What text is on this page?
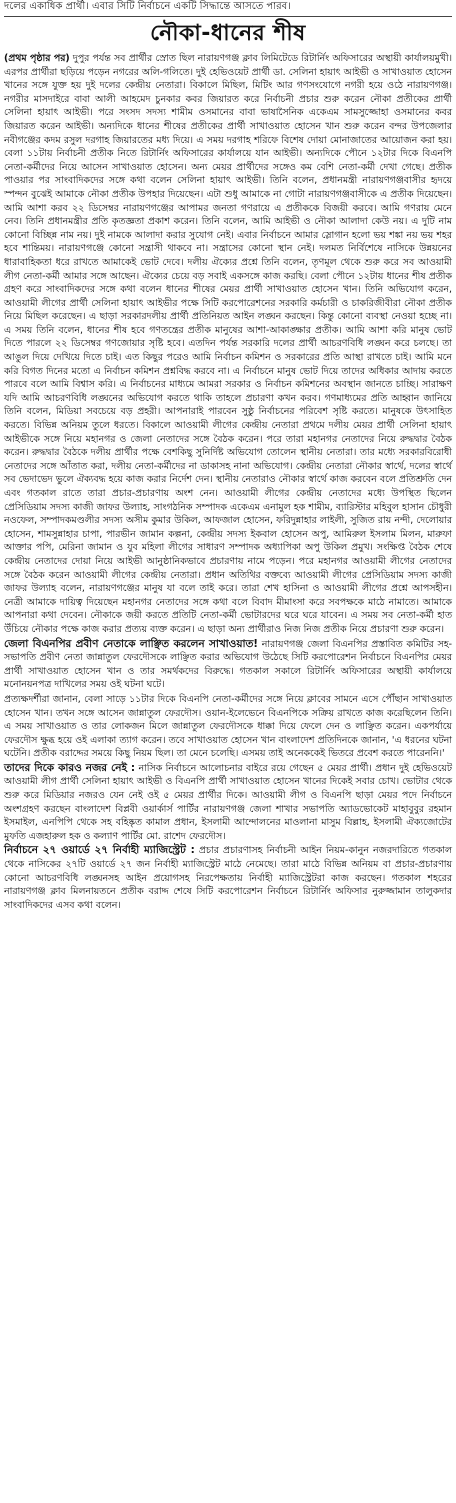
দলের একাধিক প্রার্থী। এবার সিটি নির্বাচনে একটি সিদ্ধান্তে আসতে পারব।
নৌকা-ধানের শীষ

(প্রথম পৃষ্ঠার পর) দুপুর পর্যন্ত সব প্রার্থীর স্রোত ছিল নারায়ণগঞ্জ ক্লাব লিমিটেডে রিটার্নিং অফিসারের অস্থায়ী কার্যালয়মুখী। এরপর প্রার্থীরা ছড়িয়ে পড়েন নগরের অলি-গলিতে। দুই হেভিওয়েট প্রার্থী ডা. সেলিনা হায়াৎ আইভী ও সাখাওয়াত হোসেন খানের সঙ্গে যুক্ত হয় দুই দলের কেন্দ্রীয় নেতারা। বিকালে মিছিল, মিটিং আর গণসংযোগে নগরী হয়ে ওঠে নারায়ণগঞ্জ। নগরীর মাসদাইরে বাবা আলী আহমেদ চুনকার কবর জিয়ারত করে নির্বাচনী প্রচার শুরু করেন নৌকা প্রতীকের প্রার্থী সেলিনা হায়াৎ আইভী। পরে সংসদ সদস্য শামীম ওসমানের বাবা ভাষাসৈনিক একেএম সামসুজ্জোহা ওসমানের কবর জিয়ারত করেন আইভী। অন্যদিকে ধানের শীষের প্রতীকের প্রার্থী সাখাওয়াত হোসেন খান শুরু করেন বন্দর উপজেলার নবীগঞ্জের কদম রসুল দরগাহ জিয়ারতের মধ্য দিয়ে। এ সময় দরগাহ শরিফে বিশেষ দোয়া মোনাজাতের আয়োজন করা হয়। বেলা ১১টায় নির্বাচনী প্রতীক নিতে রিটার্নিং অফিসারের কার্যালয়ে যান আইভী। অন্যদিকে পৌনে ১২টার দিকে বিএনপি নেতা-কর্মীদের নিয়ে আসেন সাখাওয়াত হোসেন। অন্য মেয়র প্রার্থীদের সঙ্গেও কম বেশি নেতা-কর্মী দেখা গেছে। প্রতীক পাওয়ার পর সাংবাদিকদের সঙ্গে কথা বলেন সেলিনা হায়াৎ আইভী। তিনি বলেন, প্রধানমন্ত্রী নারায়ণগঞ্জবাসীর হৃদয়ে স্পন্দন বুঝেই আমাকে নৌকা প্রতীক উপহার দিয়েছেন। এটা শুধু আমাকে না গোটা নারায়ণগঞ্জবাসীকে এ প্রতীক দিয়েছেন। আমি আশা করব ২২ ডিসেম্বর নারায়ণগঞ্জের আপামর জনতা গণরায়ে এ প্রতীককে বিজয়ী করবে। আমি গণরায় মেনে নেব। তিনি প্রধানমন্ত্রীর প্রতি কৃতজ্ঞতা প্রকাশ করেন। তিনি বলেন, আমি আইভী ও নৌকা আলাদা কেউ নয়। এ দুটি নাম কোনো বিচ্ছিন্ন নাম নয়। দুই নামকে আলাদা করার সুযোগ নেই। এবার নির্বাচনে আমার স্লোগান হলো ভয় শঙ্কা নয় ভয় শহর হবে শান্তিময়। নারায়ণগঞ্জে কোনো সন্ত্রাসী থাকবে না। সন্ত্রাসের কোনো স্থান নেই। দলমত নির্বিশেষে নাসিকে উন্নয়নের ধারাবাহিকতা ধরে রাখতে আমাকেই ভোট দেবে। দলীয় ঐক্যের প্রশ্নে তিনি বলেন, তৃণমূল থেকে শুরু করে সব আওয়ামী লীগ নেতা-কর্মী আমার সঙ্গে আছেন। ঐক্যের চেয়ে বড় সবাই একসঙ্গে কাজ করছি। বেলা পৌনে ১২টায় ধানের শীষ প্রতীক গ্রহণ করে সাংবাদিকদের সঙ্গে কথা বলেন ধানের শীষের মেয়র প্রার্থী সাখাওয়াত হোসেন খান। তিনি অভিযোগ করেন, আওয়ামী লীগের প্রার্থী সেলিনা হায়াৎ আইভীর পক্ষে সিটি করপোরেশনের সরকারি কর্মচারী ও চাকরিজীবীরা নৌকা প্রতীক নিয়ে মিছিল করেছেন। এ ছাড়া সরকারদলীয় প্রার্থী প্রতিনিয়ত আইন লঙ্ঘন করছেন। কিন্তু কোনো ব্যবস্থা নেওয়া হচ্ছে না। এ সময় তিনি বলেন, ধানের শীষ হবে গণতন্ত্রের প্রতীক মানুষের আশা-আকাঙ্ক্ষার প্রতীক। আমি আশা করি মানুষ ভোট দিতে পারলে ২২ ডিসেম্বর গণজোয়ার সৃষ্টি হবে। এতদিন পর্যন্ত সরকারি দলের প্রার্থী আচরণবিধি লঙ্ঘন করে চলছে। তা আঙুল দিয়ে দেখিয়ে দিতে চাই। এত কিছুর পরেও আমি নির্বাচন কমিশন ও সরকারের প্রতি আস্থা রাখতে চাই। আমি মনে করি বিগত দিনের মতো এ নির্বাচন কমিশন প্রশ্নবিদ্ধ করবে না। এ নির্বাচনে মানুষ ভোট দিয়ে তাদের অধিকার আদায় করতে পারবে বলে আমি বিশ্বাস করি। এ নির্বাচনের মাধ্যমে আমরা সরকার ও নির্বাচন কমিশনের অবস্থান জানতে চাচ্ছি। সারাক্ষণ যদি আমি আচরণবিধি লঙ্ঘনের অভিযোগ করতে থাকি তাহলে প্রচারণা কখন করব। গণমাধ্যমের প্রতি আহ্বান জানিয়ে তিনি বলেন, মিডিয়া সবচেয়ে বড় প্রহরী। আপনারাই পারবেন সুষ্ঠু নির্বাচনের পরিবেশ সৃষ্টি করতে। মানুষকে উৎসাহিত করতে। বিভিন্ন অনিয়ম তুলে ধরতে। বিকালে আওয়ামী লীগের কেন্দ্রীয় নেতারা প্রথমে দলীয় মেয়র প্রার্থী সেলিনা হায়াৎ আইভীকে সঙ্গে নিয়ে মহানগর ও জেলা নেতাদের সঙ্গে বৈঠক করেন। পরে তারা মহানগর নেতাদের নিয়ে রুদ্ধদ্বার বৈঠক করেন। রুদ্ধদ্বার বৈঠকে দলীয় প্রার্থীর পক্ষে বেশকিছু সুনির্দিষ্ট অভিযোগ তোলেন স্থানীয় নেতারা। তার মধ্যে সরকারবিরোধী নেতাদের সঙ্গে আঁতাত করা, দলীয় নেতা-কর্মীদের না ডাকাসহ নানা অভিযোগ। কেন্দ্রীয় নেতারা নৌকার স্বার্থে, দলের স্বার্থে সব ভেদাভেদ ভুলে ঐক্যবদ্ধ হয়ে কাজ করার নির্দেশ দেন। স্থানীয় নেতারাও নৌকার স্বার্থে কাজ করবেন বলে প্রতিশ্রুতি দেন এবং গতকাল রাতে তারা প্রচার-প্রচারণায় অংশ নেন। আওয়ামী লীগের কেন্দ্রীয় নেতাদের মধ্যে উপস্থিত ছিলেন প্রেসিডিয়াম সদস্য কাজী জাফর উল্যাহ, সাংগঠনিক সম্পাদক একেএম এনামুল হক শামীম, ব্যারিস্টার মহিবুল হাসান চৌধুরী নওফেল, সম্পাদকমণ্ডলীর সদস্য অসীম কুমার উকিল, আফজাল হোসেন, ফরিদুন্নাহার লাইলী, সুজিত রায় নন্দী, দেলোয়ার হোসেন, শামসুন্নাহার চাপা, পারভীন জামান কল্পনা, কেন্দ্রীয় সদস্য ইকবাল হোসেন অপু, আমিরুল ইসলাম মিলন, মারুফা আক্তার পপি, মেরিনা জামান ও যুব মহিলা লীগের সাধারণ সম্পাদক অধ্যাপিকা অপু উকিল প্রমুখ। সংক্ষিপ্ত বৈঠক শেষে কেন্দ্রীয় নেতাদের দোয়া নিয়ে আইভী আনুষ্ঠানিকভাবে প্রচারণায় নামে পড়েন। পরে মহানগর আওয়ামী লীগের নেতাদের সঙ্গে বৈঠক করেন আওয়ামী লীগের কেন্দ্রীয় নেতারা। প্রধান অতিথির বক্তব্যে আওয়ামী লীগের প্রেসিডিয়াম সদস্য কাজী জাফর উল্যাহ বলেন, নারায়ণগঞ্জের মানুষ যা বলে তাই করে। তারা শেখ হাসিনা ও আওয়ামী লীগের প্রশ্নে আপসহীন। নেত্রী আমাকে দায়িত্ব দিয়েছেন মহানগর নেতাদের সঙ্গে কথা বলে বিবাদ মীমাংসা করে সবপক্ষকে মাঠে নামাতে। আমাকে আপনারা কথা দেবেন। নৌকাকে জয়ী করতে প্রতিটি নেতা-কর্মী ভোটারদের ঘরে ঘরে যাবেন। এ সময় সব নেতা-কর্মী হাত উঁচিয়ে নৌকার পক্ষে কাজ করার প্রত্যয় ব্যক্ত করেন। এ ছাড়া অন্য প্রার্থীরাও নিজ নিজ প্রতীক নিয়ে প্রচারণা শুরু করেন।

জেলা বিএনপির প্রবীণ নেতাকে লাঞ্ছিত করলেন সাখাওয়াত! নারায়ণগঞ্জ জেলা বিএনপির প্রস্তাবিত কমিটির সহ-সভাপতি প্রবীণ নেতা জান্নাতুল ফেরদৌসকে লাঞ্ছিত করার অভিযোগ উঠেছে সিটি করপোরেশন নির্বাচনে বিএনপির মেয়র প্রার্থী সাখাওয়াত হোসেন খান ও তার সমর্থকদের বিরুদ্ধে। গতকাল সকালে রিটার্নিং অফিসারের অস্থায়ী কার্যালয়ে মনোনয়নপত্র দাখিলের সময় ওই ঘটনা ঘটে।

প্রত্যক্ষদর্শীরা জানান, বেলা সাড়ে ১১টার দিকে বিএনপি নেতা-কর্মীদের সঙ্গে নিয়ে ক্লাবের সামনে এসে পৌঁছান সাখাওয়াত হোসেন খান। তখন সঙ্গে আসেন জান্নাতুল ফেরদৌস। ওয়ান-ইলেভেনে বিএনপিকে সক্রিয় রাখতে কাজ করেছিলেন তিনি। এ সময় সাখাওয়াত ও তার লোকজন মিলে জান্নাতুল ফেরদৌসকে ধাক্কা দিয়ে ফেলে দেন ও লাঞ্ছিত করেন। একপর্যায়ে ফেরদৌস ক্ষুব্ধ হয়ে ওই এলাকা ত্যাগ করেন। তবে সাখাওয়াত হোসেন খান বাংলাদেশ প্রতিদিনকে জানান, 'এ ধরনের ঘটনা ঘটেনি। প্রতীক বরাদ্দের সময়ে কিছু নিয়ম ছিল। তা মেনে চলেছি। এসময় তাই অনেককেই ভিতরে প্রবেশ করতে পারেননি।'

তাদের দিকে কারও নজর নেই : নাসিক নির্বাচনে আলোচনার বাইরে রয়ে গেছেন ৫ মেয়র প্রার্থী। প্রধান দুই হেভিওয়েট আওয়ামী লীগ প্রার্থী সেলিনা হায়াৎ আইভী ও বিএনপি প্রার্থী সাখাওয়াত হোসেন খানের দিকেই সবার চোখ। ভোটার থেকে শুরু করে মিডিয়ার নজরও যেন নেই ওই ৫ মেয়র প্রার্থীর দিকে। আওয়ামী লীগ ও বিএনপি ছাড়া মেয়র পদে নির্বাচনে অংশগ্রহণ করছেন বাংলাদেশ বিপ্লবী ওয়ার্কার্স পার্টির নারায়ণগঞ্জ জেলা শাখার সভাপতি অ্যাডভোকেট মাহাবুবুর রহমান ইসমাইল, এনপিপি থেকে সহ বহিষ্কৃত কামাল প্রধান, ইসলামী আন্দোলনের মাওলানা মাসুম বিল্লাহ, ইসলামী ঐক্যজোটের মুফতি এজহারুল হক ও কল্যাণ পার্টির মো. রাশেদ ফেরদৌস।

নির্বাচনে ২৭ ওয়ার্ডে ২৭ নির্বাহী ম্যাজিস্ট্রেট : প্রচার প্রচারণাসহ নির্বাচনী আইন নিয়ম-কানুন নজরদারিতে গতকাল থেকে নাসিকের ২৭টি ওয়ার্ডে ২৭ জন নির্বাহী ম্যাজিস্ট্রেট মাঠে নেমেছে। তারা মাঠে বিভিন্ন অনিয়ম বা প্রচার-প্রচারণায় কোনো আচরণবিধি লঙ্ঘনসহ আইন প্রয়োগসহ নিরপেক্ষতায় নির্বাহী ম্যাজিস্ট্রেটরা কাজ করছেন। গতকাল শহরের নারায়ণগঞ্জ ক্লাব মিলনায়তনে প্রতীক বরাদ্দ শেষে সিটি করপোরেশন নির্বাচনে রিটার্নিং অফিসার নুরুজ্জামান তালুকদার সাংবাদিকদের এসব কথা বলেন।
